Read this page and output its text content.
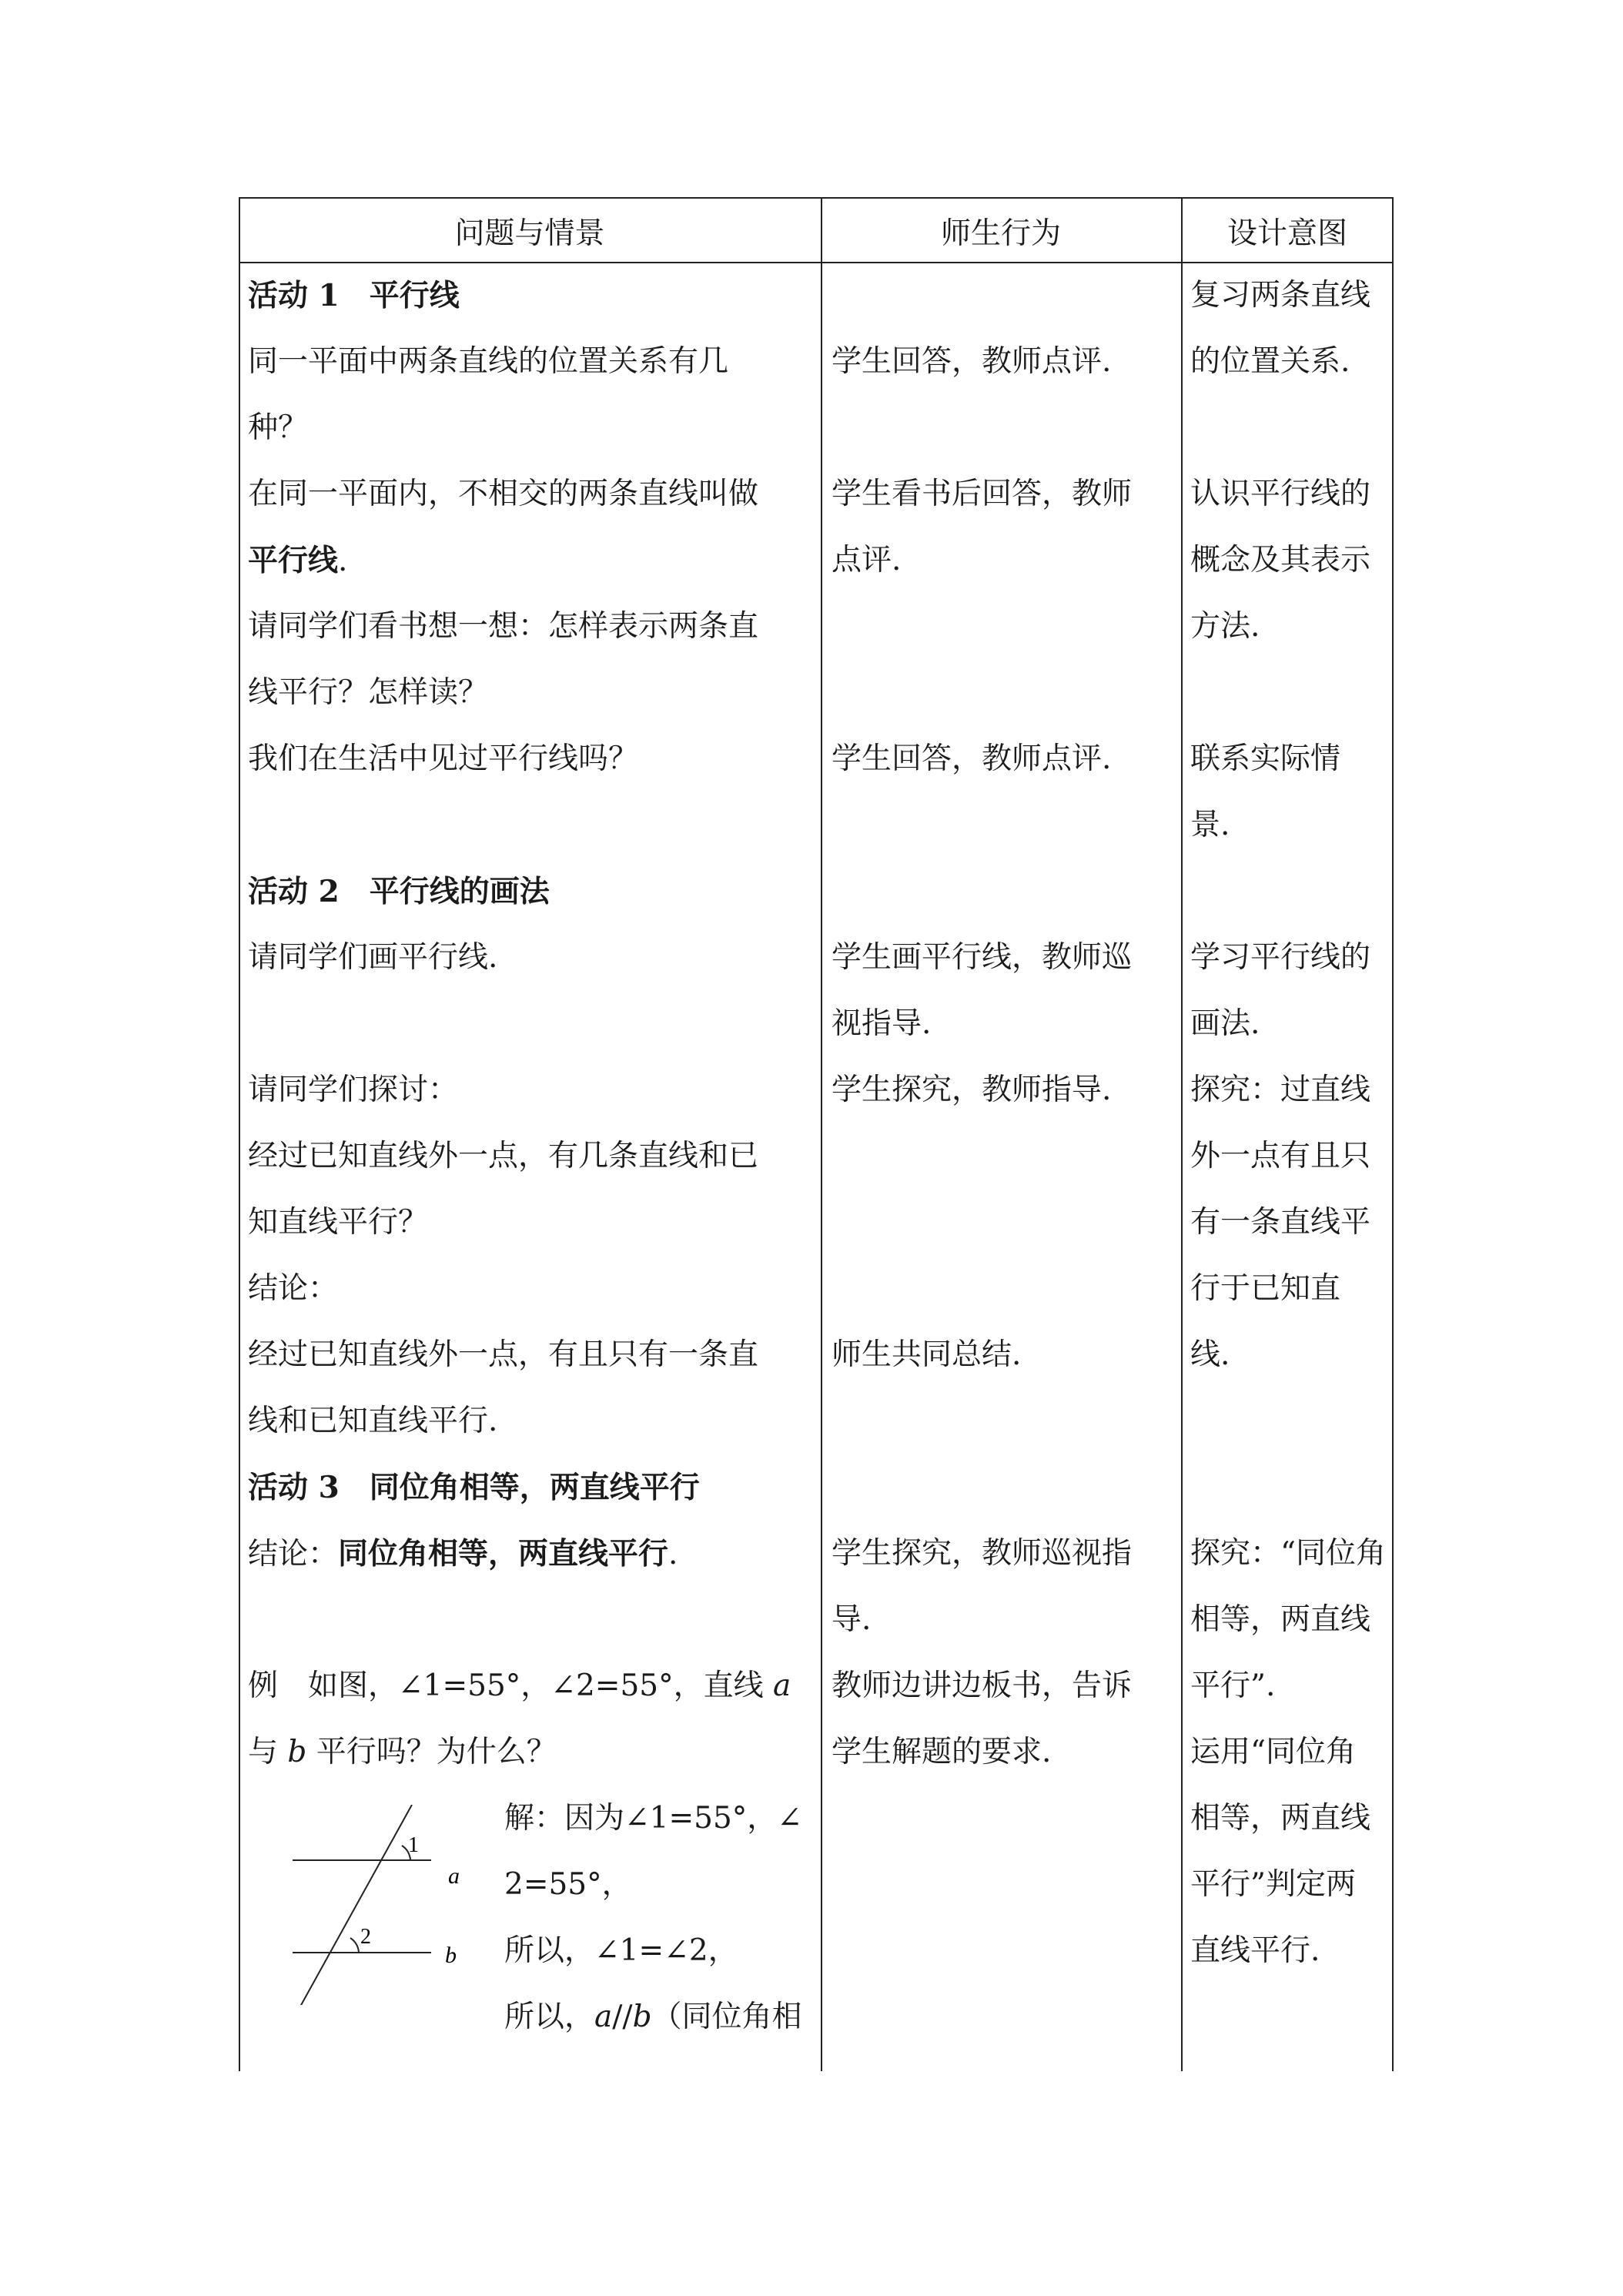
问题与情景	师生行为	设计意图
活动 1　平行线
同一平面中两条直线的位置关系有几
种？
在同一平面内，不相交的两条直线叫做
平行线.
请同学们看书想一想：怎样表示两条直
线平行？怎样读？
我们在生活中见过平行线吗？
活动 2　平行线的画法
请同学们画平行线.
请同学们探讨：
经过已知直线外一点，有几条直线和已
知直线平行？
结论：
经过已知直线外一点，有且只有一条直
线和已知直线平行.
活动 3　同位角相等，两直线平行
结论：同位角相等，两直线平行.
例　如图，∠1=55°，∠2=55°，直线 a
与 b 平行吗？为什么？
1
2
a
b
解：因为∠1=55°，∠
2=55°，
所以，∠1=∠2，
所以，a//b（同位角相
学生回答，教师点评.
学生看书后回答，教师
点评.
学生回答，教师点评.
学生画平行线，教师巡
视指导.
学生探究，教师指导.
师生共同总结.
学生探究，教师巡视指
导.
教师边讲边板书，告诉
学生解题的要求.
复习两条直线
的位置关系.
认识平行线的
概念及其表示
方法.
联系实际情
景.
学习平行线的
画法.
探究：过直线
外一点有且只
有一条直线平
行于已知直
线.
探究：“同位角
相等，两直线
平行”.
运用“同位角
相等，两直线
平行”判定两
直线平行.
